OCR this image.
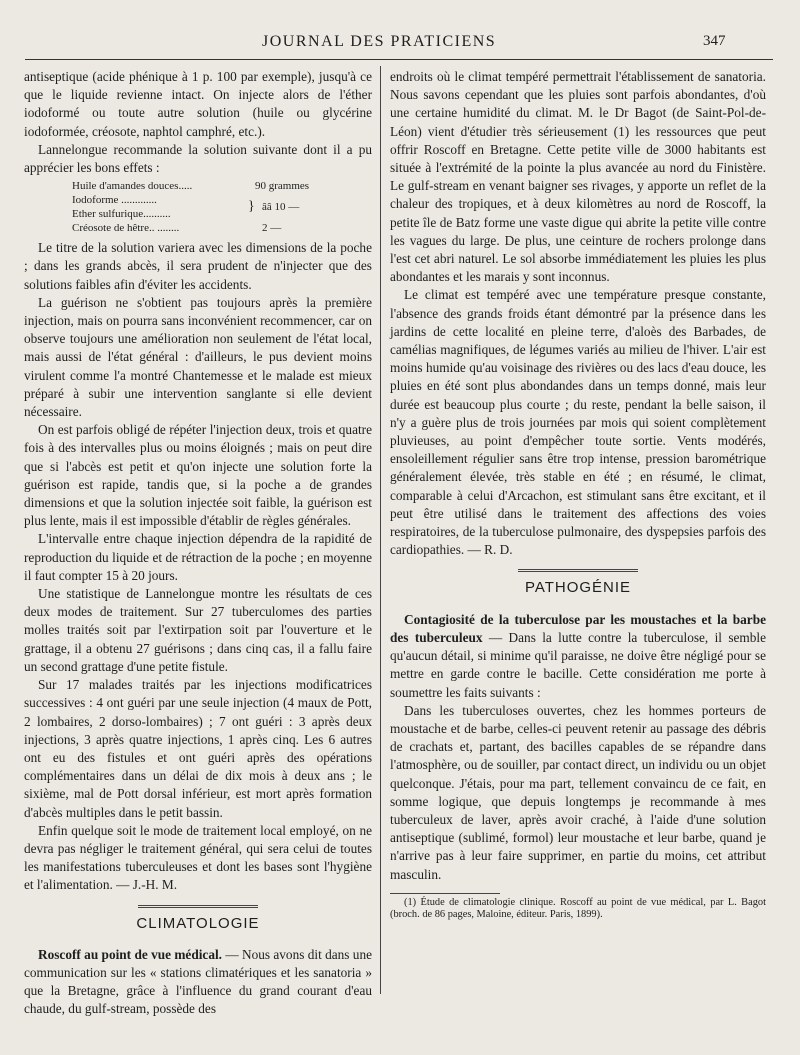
JOURNAL DES PRATICIENS	347

antiseptique (acide phénique à 1 p. 100 par exemple), jusqu'à ce que le liquide revienne intact. On injecte alors de l'éther iodoformé ou toute autre solution (huile ou glycérine iodoformée, créosote, naphtol camphré, etc.).

Lannelongue recommande la solution suivante dont il a pu apprécier les bons effets :

Huile d'amandes douces.....	90 grammes
Iodoforme .............
Ether sulfurique..........	} ââ 10 —
Créosote de hêtre.. ........	2 —

Le titre de la solution variera avec les dimensions de la poche ; dans les grands abcès, il sera prudent de n'injecter que des solutions faibles afin d'éviter les accidents.

La guérison ne s'obtient pas toujours après la première injection, mais on pourra sans inconvénient recommencer, car on observe toujours une amélioration non seulement de l'état local, mais aussi de l'état général : d'ailleurs, le pus devient moins virulent comme l'a montré Chantemesse et le malade est mieux préparé à subir une intervention sanglante si elle devient nécessaire.

On est parfois obligé de répéter l'injection deux, trois et quatre fois à des intervalles plus ou moins éloignés ; mais on peut dire que si l'abcès est petit et qu'on injecte une solution forte la guérison est rapide, tandis que, si la poche a de grandes dimensions et que la solution injectée soit faible, la guérison est plus lente, mais il est impossible d'établir de règles générales.

L'intervalle entre chaque injection dépendra de la rapidité de reproduction du liquide et de rétraction de la poche ; en moyenne il faut compter 15 à 20 jours.

Une statistique de Lannelongue montre les résultats de ces deux modes de traitement. Sur 27 tuberculomes des parties molles traités soit par l'extirpation soit par l'ouverture et le grattage, il a obtenu 27 guérisons ; dans cinq cas, il a fallu faire un second grattage d'une petite fistule.

Sur 17 malades traités par les injections modificatrices successives : 4 ont guéri par une seule injection (4 maux de Pott, 2 lombaires, 2 dorso-lombaires) ; 7 ont guéri : 3 après deux injections, 3 après quatre injections, 1 après cinq. Les 6 autres ont eu des fistules et ont guéri après des opérations complémentaires dans un délai de dix mois à deux ans ; le sixième, mal de Pott dorsal inférieur, est mort après formation d'abcès multiples dans le petit bassin.

Enfin quelque soit le mode de traitement local employé, on ne devra pas négliger le traitement général, qui sera celui de toutes les manifestations tuberculeuses et dont les bases sont l'hygiène et l'alimentation. — J.-H. M.

CLIMATOLOGIE

Roscoff au point de vue médical. — Nous avons dit dans une communication sur les « stations climatériques et les sanatoria » que la Bretagne, grâce à l'influence du grand courant d'eau chaude, du gulf-stream, possède des

endroits où le climat tempéré permettrait l'établissement de sanatoria. Nous savons cependant que les pluies sont parfois abondantes, d'où une certaine humidité du climat. M. le Dr Bagot (de Saint-Pol-de-Léon) vient d'étudier très sérieusement (1) les ressources que peut offrir Roscoff en Bretagne. Cette petite ville de 3000 habitants est située à l'extrémité de la pointe la plus avancée au nord du Finistère. Le gulf-stream en venant baigner ses rivages, y apporte un reflet de la chaleur des tropiques, et à deux kilomètres au nord de Roscoff, la petite île de Batz forme une vaste digue qui abrite la petite ville contre les vagues du large. De plus, une ceinture de rochers prolonge dans l'est cet abri naturel. Le sol absorbe immédiatement les pluies les plus abondantes et les marais y sont inconnus.

Le climat est tempéré avec une température presque constante, l'absence des grands froids étant démontré par la présence dans les jardins de cette localité en pleine terre, d'aloès des Barbades, de camélias magnifiques, de légumes variés au milieu de l'hiver. L'air est moins humide qu'au voisinage des rivières ou des lacs d'eau douce, les pluies en été sont plus abondandes dans un temps donné, mais leur durée est beaucoup plus courte ; du reste, pendant la belle saison, il n'y a guère plus de trois journées par mois qui soient complètement pluvieuses, au point d'empêcher toute sortie. Vents modérés, ensoleillement régulier sans être trop intense, pression barométrique généralement élevée, très stable en été ; en résumé, le climat, comparable à celui d'Arcachon, est stimulant sans être excitant, et il peut être utilisé dans le traitement des affections des voies respiratoires, de la tuberculose pulmonaire, des dyspepsies parfois des cardiopathies. — R. D.

PATHOGÉNIE

Contagiosité de la tuberculose par les moustaches et la barbe des tuberculeux — Dans la lutte contre la tuberculose, il semble qu'aucun détail, si minime qu'il paraisse, ne doive être négligé pour se mettre en garde contre le bacille. Cette considération me porte à soumettre les faits suivants :

Dans les tuberculoses ouvertes, chez les hommes porteurs de moustache et de barbe, celles-ci peuvent retenir au passage des débris de crachats et, partant, des bacilles capables de se répandre dans l'atmosphère, ou de souiller, par contact direct, un individu ou un objet quelconque. J'étais, pour ma part, tellement convaincu de ce fait, en somme logique, que depuis longtemps je recommande à mes tuberculeux de laver, après avoir craché, à l'aide d'une solution antiseptique (sublimé, formol) leur moustache et leur barbe, quand je n'arrive pas à leur faire supprimer, en partie du moins, cet attribut masculin.

(1) Étude de climatologie clinique. Roscoff au point de vue médical, par L. Bagot (broch. de 86 pages, Maloine, éditeur. Paris, 1899).
